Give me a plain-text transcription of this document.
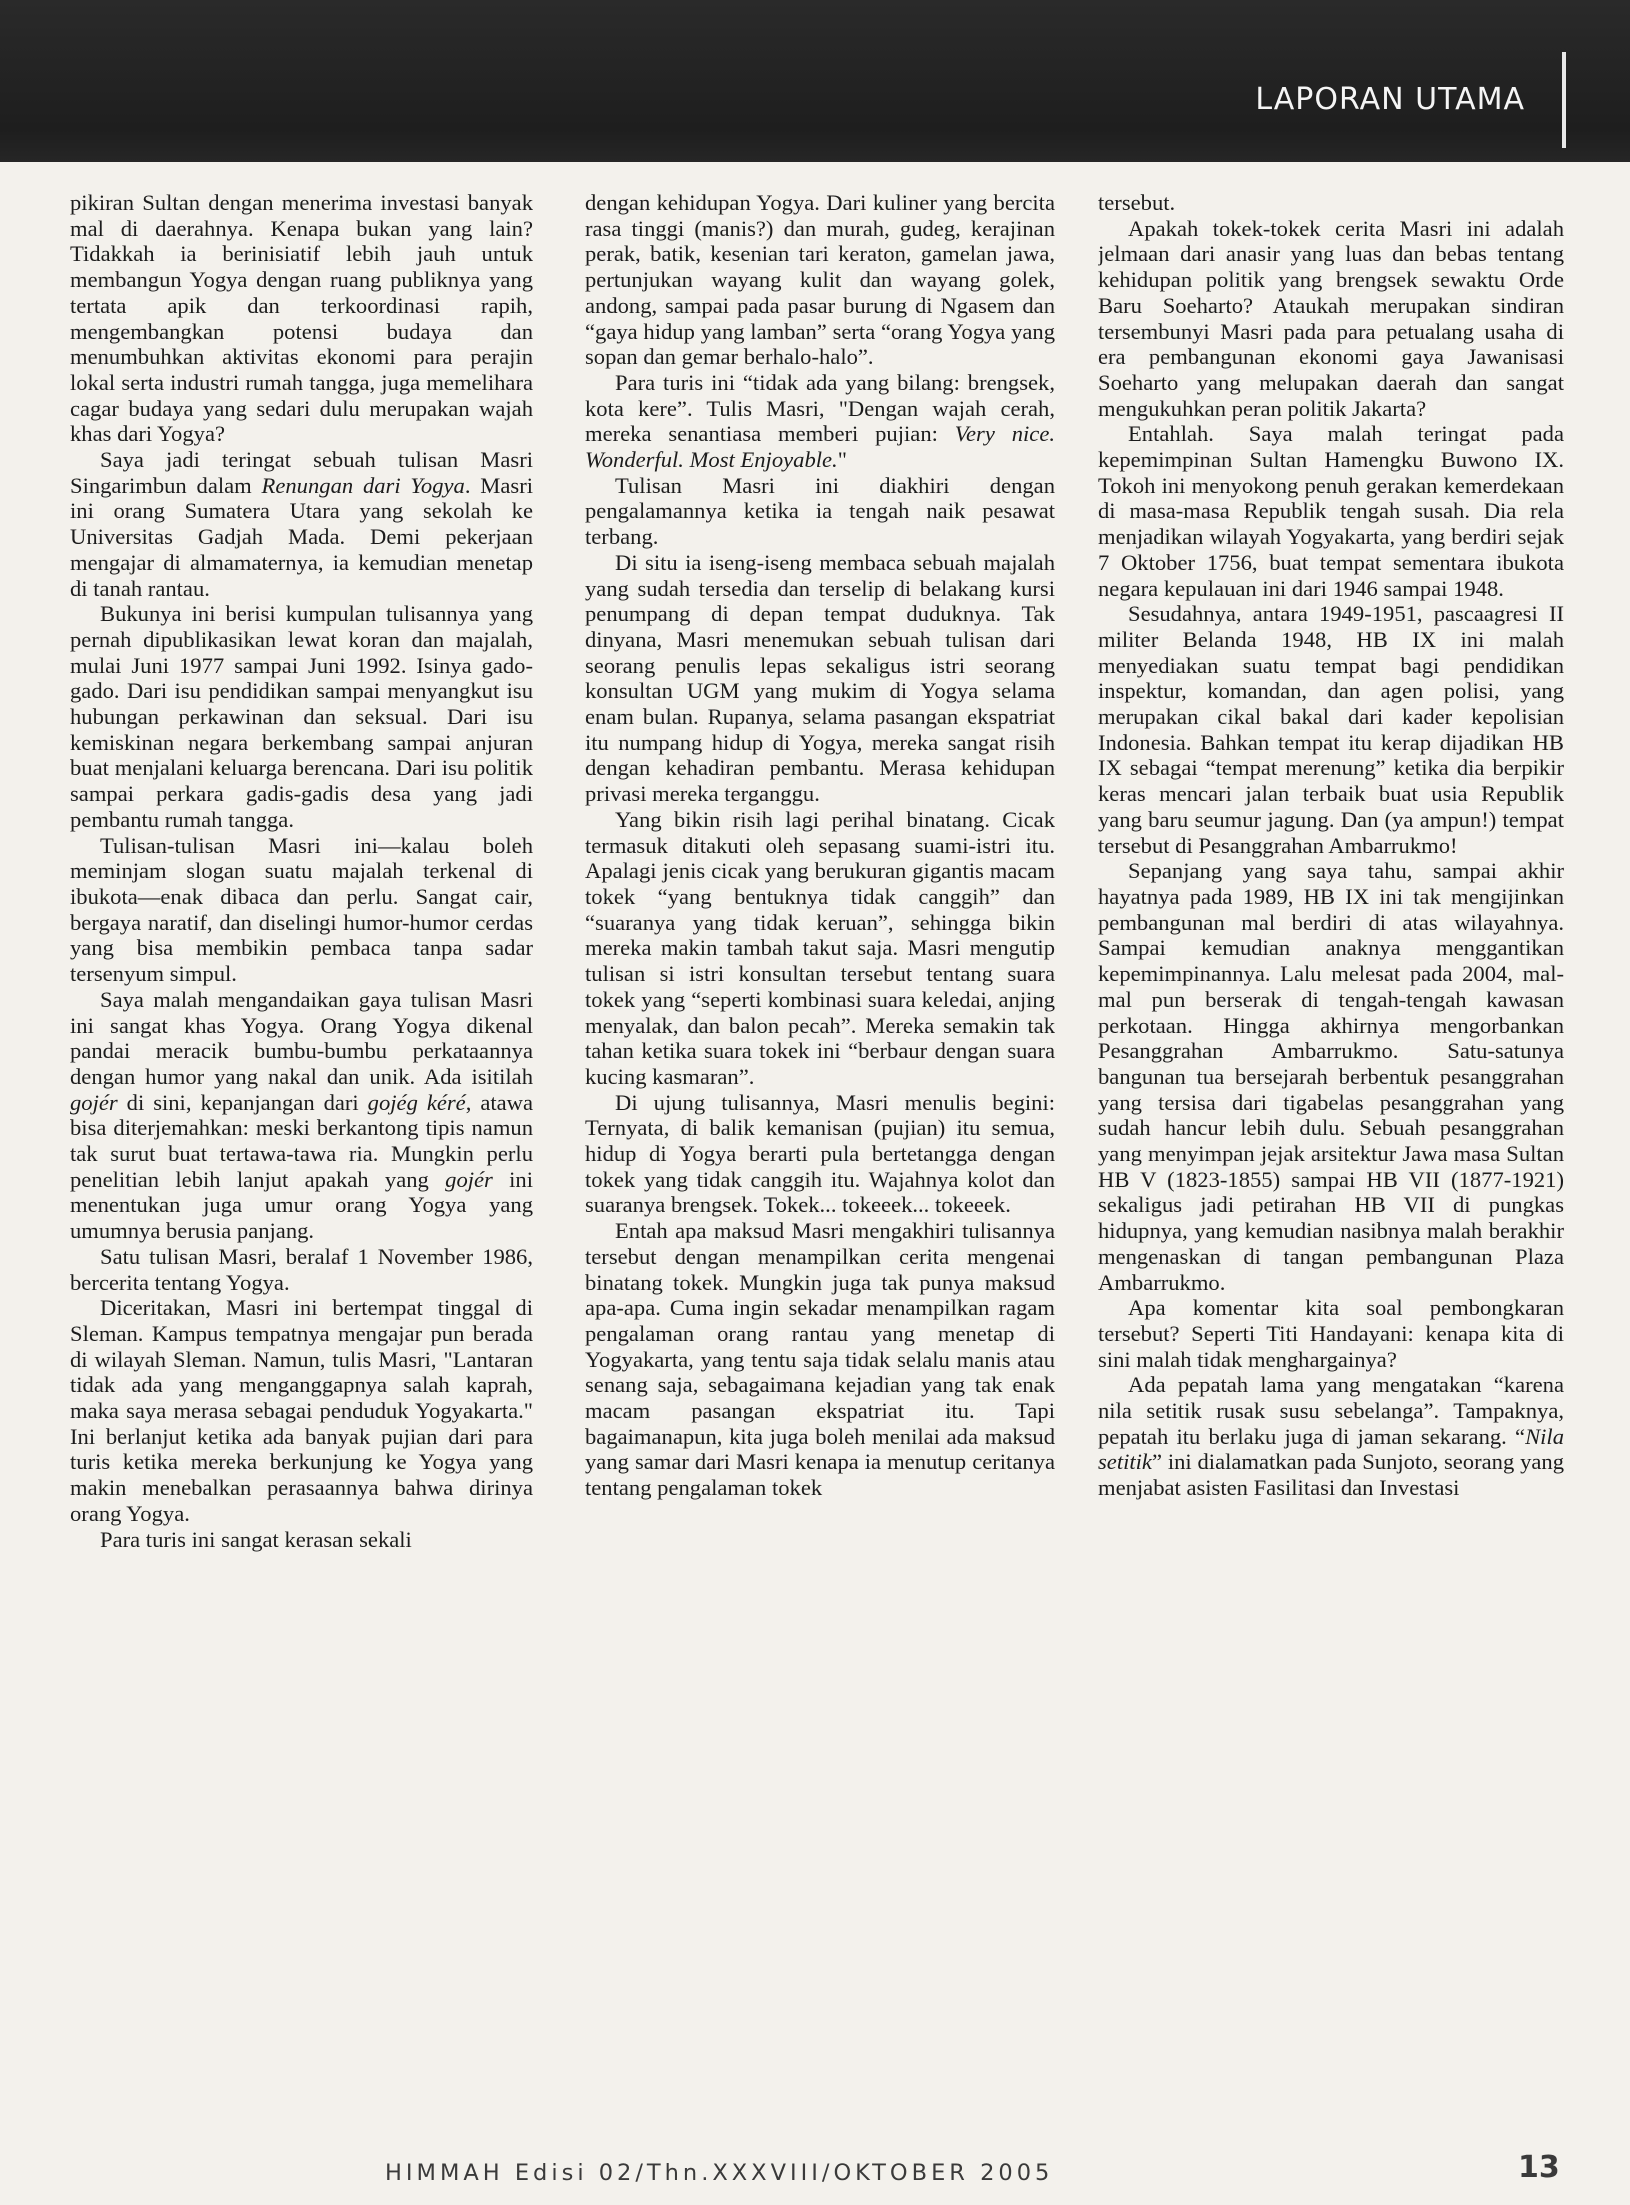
LAPORAN UTAMA

pikiran Sultan dengan menerima investasi banyak mal di daerahnya. Kenapa bukan yang lain? Tidakkah ia berinisiatif lebih jauh untuk membangun Yogya dengan ruang publiknya yang tertata apik dan terkoordinasi rapih, mengembangkan potensi budaya dan menumbuhkan aktivitas ekonomi para perajin lokal serta industri rumah tangga, juga memelihara cagar budaya yang sedari dulu merupakan wajah khas dari Yogya?

Saya jadi teringat sebuah tulisan Masri Singarimbun dalam Renungan dari Yogya. Masri ini orang Sumatera Utara yang sekolah ke Universitas Gadjah Mada. Demi pekerjaan mengajar di almamaternya, ia kemudian menetap di tanah rantau.

Bukunya ini berisi kumpulan tulisannya yang pernah dipublikasikan lewat koran dan majalah, mulai Juni 1977 sampai Juni 1992. Isinya gado-gado. Dari isu pendidikan sampai menyangkut isu hubungan perkawinan dan seksual. Dari isu kemiskinan negara berkembang sampai anjuran buat menjalani keluarga berencana. Dari isu politik sampai perkara gadis-gadis desa yang jadi pembantu rumah tangga.

Tulisan-tulisan Masri ini—kalau boleh meminjam slogan suatu majalah terkenal di ibukota—enak dibaca dan perlu. Sangat cair, bergaya naratif, dan diselingi humor-humor cerdas yang bisa membikin pembaca tanpa sadar tersenyum simpul.

Saya malah mengandaikan gaya tulisan Masri ini sangat khas Yogya. Orang Yogya dikenal pandai meracik bumbu-bumbu perkataannya dengan humor yang nakal dan unik. Ada isitilah gojér di sini, kepanjangan dari gojég kéré, atawa bisa diterjemahkan: meski berkantong tipis namun tak surut buat tertawa-tawa ria. Mungkin perlu penelitian lebih lanjut apakah yang gojér ini menentukan juga umur orang Yogya yang umumnya berusia panjang.

Satu tulisan Masri, beralaf 1 November 1986, bercerita tentang Yogya.

Diceritakan, Masri ini bertempat tinggal di Sleman. Kampus tempatnya mengajar pun berada di wilayah Sleman. Namun, tulis Masri, "Lantaran tidak ada yang menganggapnya salah kaprah, maka saya merasa sebagai penduduk Yogyakarta." Ini berlanjut ketika ada banyak pujian dari para turis ketika mereka berkunjung ke Yogya yang makin menebalkan perasaannya bahwa dirinya orang Yogya.

Para turis ini sangat kerasan sekali

dengan kehidupan Yogya. Dari kuliner yang bercita rasa tinggi (manis?) dan murah, gudeg, kerajinan perak, batik, kesenian tari keraton, gamelan jawa, pertunjukan wayang kulit dan wayang golek, andong, sampai pada pasar burung di Ngasem dan “gaya hidup yang lamban” serta “orang Yogya yang sopan dan gemar berhalo-halo”.

Para turis ini “tidak ada yang bilang: brengsek, kota kere”. Tulis Masri, "Dengan wajah cerah, mereka senantiasa memberi pujian: Very nice. Wonderful. Most Enjoyable."

Tulisan Masri ini diakhiri dengan pengalamannya ketika ia tengah naik pesawat terbang.

Di situ ia iseng-iseng membaca sebuah majalah yang sudah tersedia dan terselip di belakang kursi penumpang di depan tempat duduknya. Tak dinyana, Masri menemukan sebuah tulisan dari seorang penulis lepas sekaligus istri seorang konsultan UGM yang mukim di Yogya selama enam bulan. Rupanya, selama pasangan ekspatriat itu numpang hidup di Yogya, mereka sangat risih dengan kehadiran pembantu. Merasa kehidupan privasi mereka terganggu.

Yang bikin risih lagi perihal binatang. Cicak termasuk ditakuti oleh sepasang suami-istri itu. Apalagi jenis cicak yang berukuran gigantis macam tokek “yang bentuknya tidak canggih” dan “suaranya yang tidak keruan”, sehingga bikin mereka makin tambah takut saja. Masri mengutip tulisan si istri konsultan tersebut tentang suara tokek yang “seperti kombinasi suara keledai, anjing menyalak, dan balon pecah”. Mereka semakin tak tahan ketika suara tokek ini “berbaur dengan suara kucing kasmaran”.

Di ujung tulisannya, Masri menulis begini: Ternyata, di balik kemanisan (pujian) itu semua, hidup di Yogya berarti pula bertetangga dengan tokek yang tidak canggih itu. Wajahnya kolot dan suaranya brengsek. Tokek... tokeeek... tokeeek.

Entah apa maksud Masri mengakhiri tulisannya tersebut dengan menampilkan cerita mengenai binatang tokek. Mungkin juga tak punya maksud apa-apa. Cuma ingin sekadar menampilkan ragam pengalaman orang rantau yang menetap di Yogyakarta, yang tentu saja tidak selalu manis atau senang saja, sebagaimana kejadian yang tak enak macam pasangan ekspatriat itu. Tapi bagaimanapun, kita juga boleh menilai ada maksud yang samar dari Masri kenapa ia menutup ceritanya tentang pengalaman tokek

tersebut.

Apakah tokek-tokek cerita Masri ini adalah jelmaan dari anasir yang luas dan bebas tentang kehidupan politik yang brengsek sewaktu Orde Baru Soeharto? Ataukah merupakan sindiran tersembunyi Masri pada para petualang usaha di era pembangunan ekonomi gaya Jawanisasi Soeharto yang melupakan daerah dan sangat mengukuhkan peran politik Jakarta?

Entahlah. Saya malah teringat pada kepemimpinan Sultan Hamengku Buwono IX. Tokoh ini menyokong penuh gerakan kemerdekaan di masa-masa Republik tengah susah. Dia rela menjadikan wilayah Yogyakarta, yang berdiri sejak 7 Oktober 1756, buat tempat sementara ibukota negara kepulauan ini dari 1946 sampai 1948.

Sesudahnya, antara 1949-1951, pascaagresi II militer Belanda 1948, HB IX ini malah menyediakan suatu tempat bagi pendidikan inspektur, komandan, dan agen polisi, yang merupakan cikal bakal dari kader kepolisian Indonesia. Bahkan tempat itu kerap dijadikan HB IX sebagai “tempat merenung” ketika dia berpikir keras mencari jalan terbaik buat usia Republik yang baru seumur jagung. Dan (ya ampun!) tempat tersebut di Pesanggrahan Ambarrukmo!

Sepanjang yang saya tahu, sampai akhir hayatnya pada 1989, HB IX ini tak mengijinkan pembangunan mal berdiri di atas wilayahnya. Sampai kemudian anaknya menggantikan kepemimpinannya. Lalu melesat pada 2004, mal-mal pun berserak di tengah-tengah kawasan perkotaan. Hingga akhirnya mengorbankan Pesanggrahan Ambarrukmo. Satu-satunya bangunan tua bersejarah berbentuk pesanggrahan yang tersisa dari tigabelas pesanggrahan yang sudah hancur lebih dulu. Sebuah pesanggrahan yang menyimpan jejak arsitektur Jawa masa Sultan HB V (1823-1855) sampai HB VII (1877-1921) sekaligus jadi petirahan HB VII di pungkas hidupnya, yang kemudian nasibnya malah berakhir mengenaskan di tangan pembangunan Plaza Ambarrukmo.

Apa komentar kita soal pembongkaran tersebut? Seperti Titi Handayani: kenapa kita di sini malah tidak menghargainya?

Ada pepatah lama yang mengatakan “karena nila setitik rusak susu sebelanga”. Tampaknya, pepatah itu berlaku juga di jaman sekarang. “Nila setitik” ini dialamatkan pada Sunjoto, seorang yang menjabat asisten Fasilitasi dan Investasi

HIMMAH Edisi 02/Thn.XXXVIII/OKTOBER 2005	13
